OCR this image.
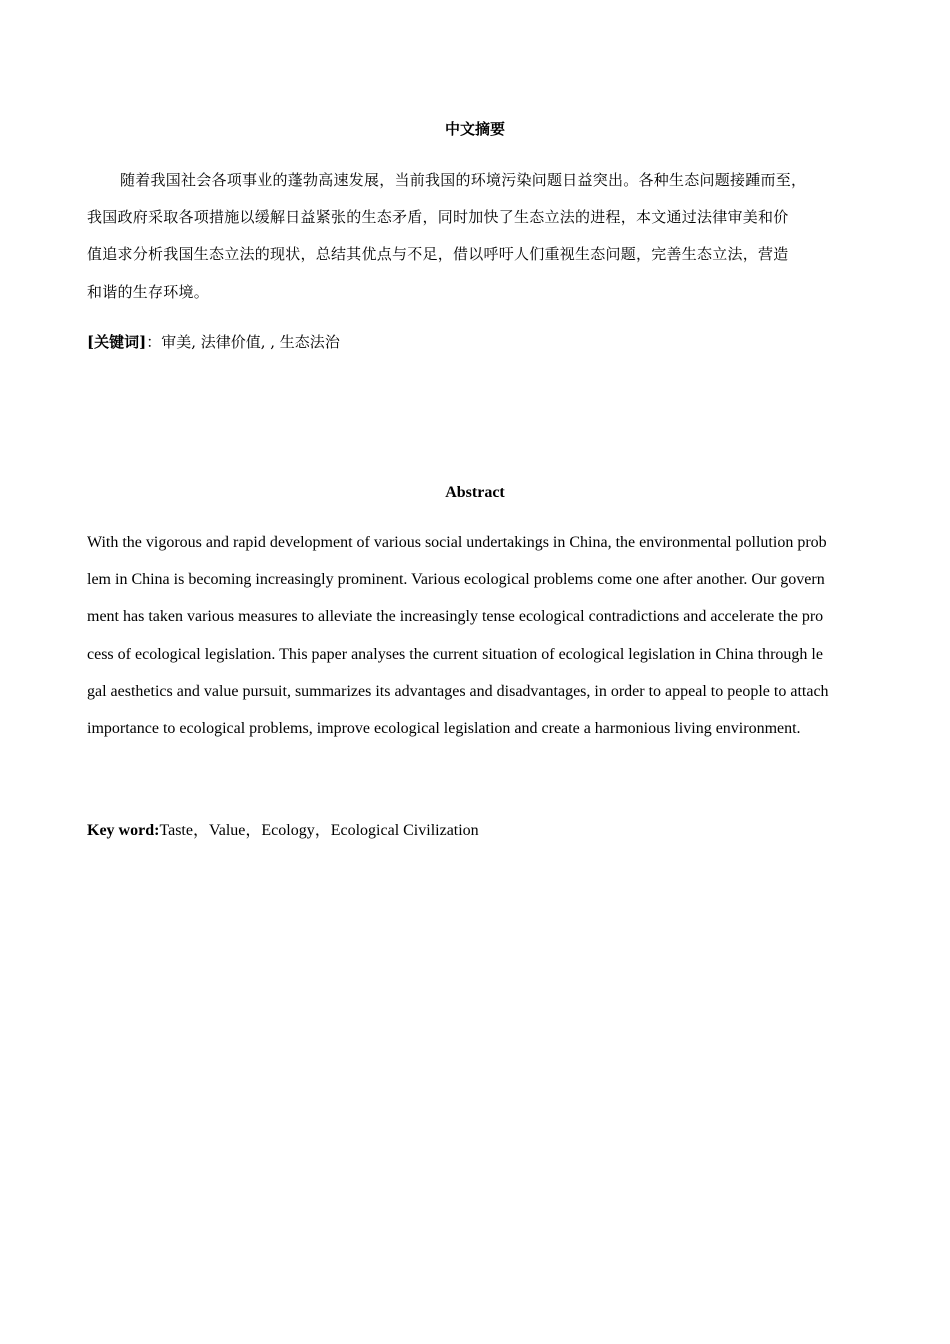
中文摘要
随着我国社会各项事业的蓬勃高速发展，当前我国的环境污染问题日益突出。各种生态问题接踵而至，
我国政府采取各项措施以缓解日益紧张的生态矛盾，同时加快了生态立法的进程，本文通过法律审美和价
值追求分析我国生态立法的现状，总结其优点与不足，借以呼吁人们重视生态问题，完善生态立法，营造
和谐的生存环境。
[关键词]：审美, 法律价值, , 生态法治
Abstract
With the vigorous and rapid development of various social undertakings in China, the environmental pollution prob
lem in China is becoming increasingly prominent. Various ecological problems come one after another. Our govern
ment has taken various measures to alleviate the increasingly tense ecological contradictions and accelerate the pro
cess of ecological legislation. This paper analyses the current situation of ecological legislation in China through le
gal aesthetics and value pursuit, summarizes its advantages and disadvantages, in order to appeal to people to attach
importance to ecological problems, improve ecological legislation and create a harmonious living environment.
Key word:Taste，Value，Ecology，Ecological Civilization
